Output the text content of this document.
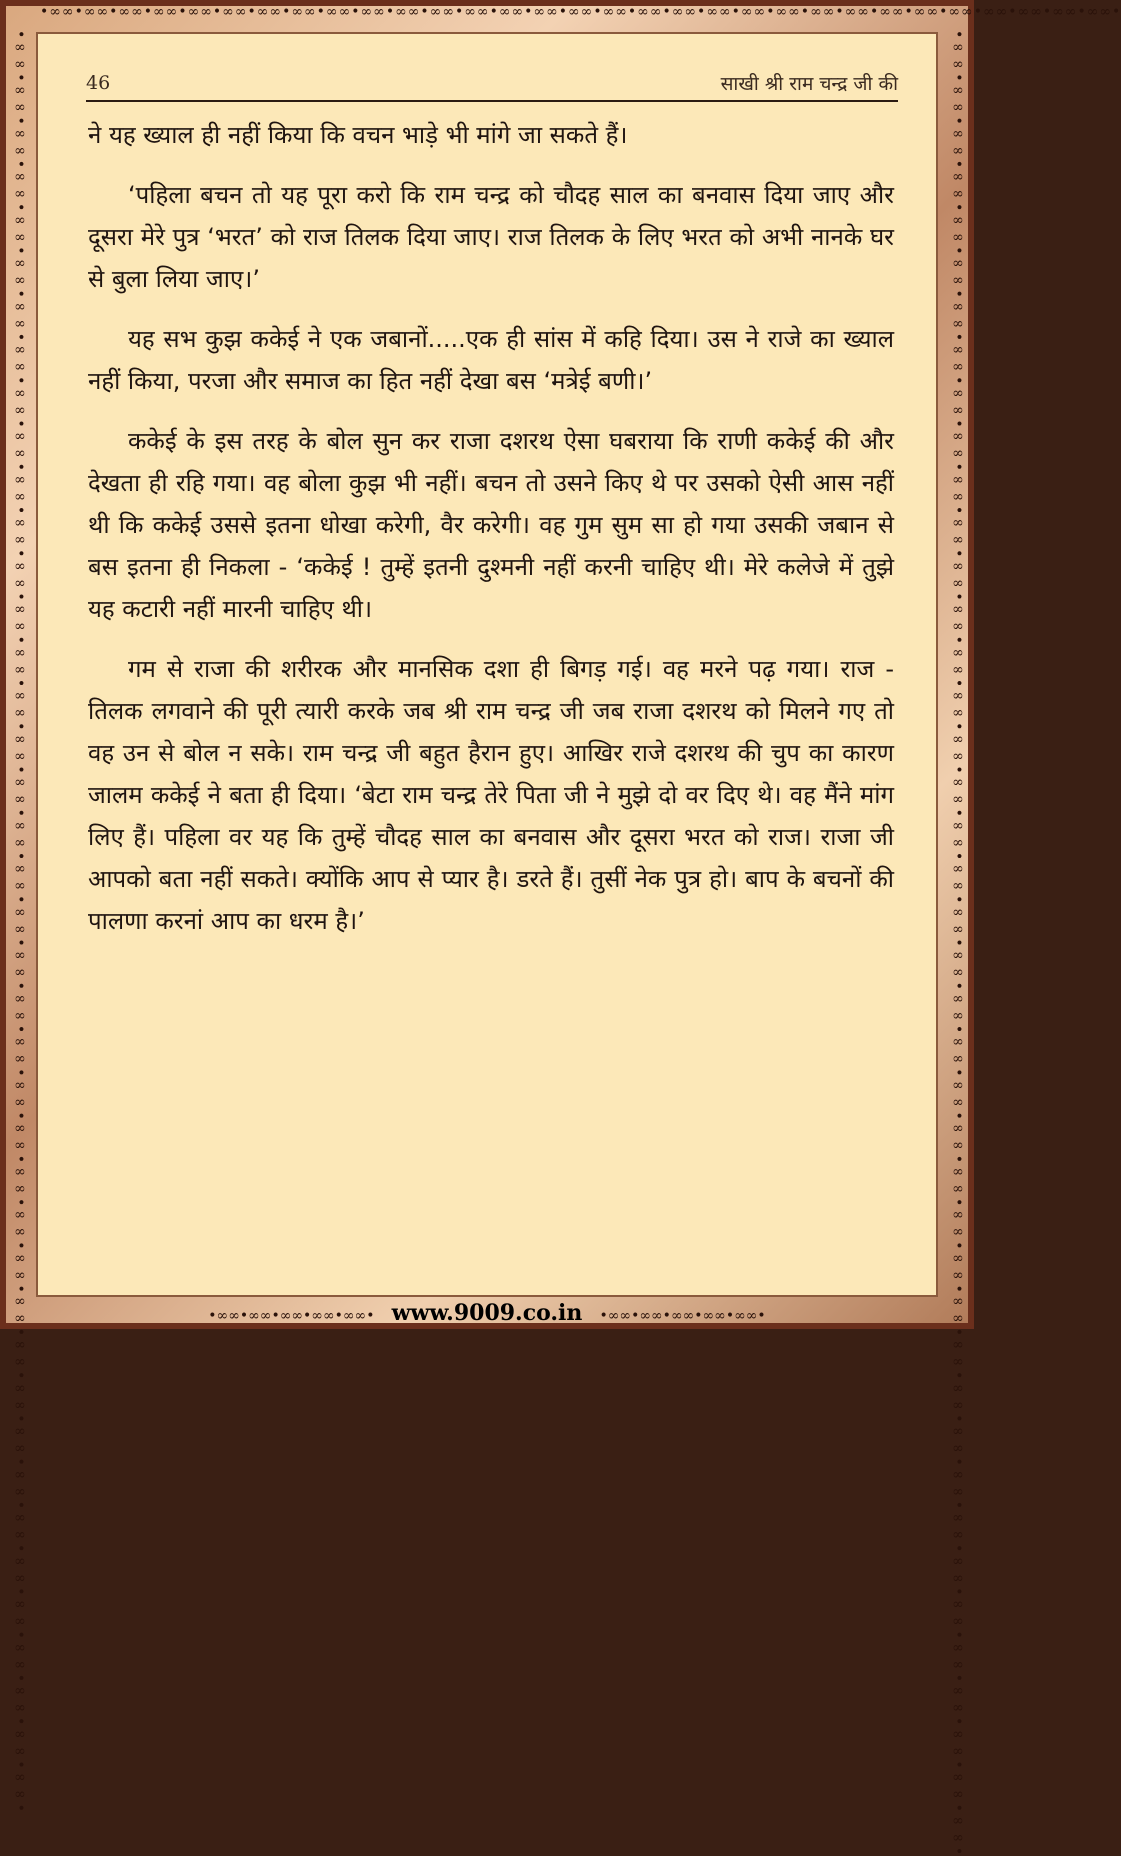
•∞∞•∞∞•∞∞•∞∞•∞∞•∞∞•∞∞•∞∞•∞∞•∞∞•∞∞•∞∞•∞∞•∞∞•∞∞•∞∞•∞∞•∞∞•∞∞•∞∞•∞∞•∞∞•∞∞•∞∞•∞∞•∞∞•∞∞•∞∞•∞∞•∞∞•∞∞•
•∞∞•∞∞•∞∞•∞∞•∞∞•∞∞•∞∞•∞∞•∞∞•∞∞•∞∞•∞∞•∞∞•∞∞•∞∞•∞∞•∞∞•∞∞•∞∞•∞∞•∞∞•∞∞•∞∞•∞∞•∞∞•∞∞•∞∞•∞∞•∞∞•∞∞•∞∞•∞∞•∞∞•∞∞•∞∞•∞∞•∞∞•∞∞•∞∞•∞∞•∞∞•	•∞∞•∞∞•∞∞•∞∞•∞∞•∞∞•∞∞•∞∞•∞∞•∞∞•∞∞•∞∞•∞∞•∞∞•∞∞•∞∞•∞∞•∞∞•∞∞•∞∞•∞∞•∞∞•∞∞•∞∞•∞∞•∞∞•∞∞•∞∞•∞∞•∞∞•∞∞•∞∞•∞∞•∞∞•∞∞•∞∞•∞∞•∞∞•∞∞•∞∞•∞∞•∞∞•
46	साखी श्री राम चन्द्र जी की

ने यह ख्याल ही नहीं किया कि वचन भाड़े भी मांगे जा सकते हैं।

‘पहिला बचन तो यह पूरा करो कि राम चन्द्र को चौदह साल का बनवास दिया जाए और दूसरा मेरे पुत्र ‘भरत’ को राज तिलक दिया जाए। राज तिलक के लिए भरत को अभी नानके घर से बुला लिया जाए।’

यह सभ कुझ ककेई ने एक जबानों.....एक ही सांस में कहि दिया। उस ने राजे का ख्याल नहीं किया, परजा और समाज का हित नहीं देखा बस ‘मत्रेई बणी।’

ककेई के इस तरह के बोल सुन कर राजा दशरथ ऐसा घबराया कि राणी ककेई की और देखता ही रहि गया। वह बोला कुझ भी नहीं। बचन तो उसने किए थे पर उसको ऐसी आस नहीं थी कि ककेई उससे इतना धोखा करेगी, वैर करेगी। वह गुम सुम सा हो गया उसकी जबान से बस इतना ही निकला - ‘ककेई ! तुम्हें इतनी दुश्मनी नहीं करनी चाहिए थी। मेरे कलेजे में तुझे यह कटारी नहीं मारनी चाहिए थी।

गम से राजा की शरीरक और मानसिक दशा ही बिगड़ गई। वह मरने पढ़ गया। राज - तिलक लगवाने की पूरी त्यारी करके जब श्री राम चन्द्र जी जब राजा दशरथ को मिलने गए तो वह उन से बोल न सके। राम चन्द्र जी बहुत हैरान हुए। आखिर राजे दशरथ की चुप का कारण जालम ककेई ने बता ही दिया। ‘बेटा राम चन्द्र तेरे पिता जी ने मुझे दो वर दिए थे। वह मैंने मांग लिए हैं। पहिला वर यह कि तुम्हें चौदह साल का बनवास और दूसरा भरत को राज। राजा जी आपको बता नहीं सकते। क्योंकि आप से प्यार है। डरते हैं। तुसीं नेक पुत्र हो। बाप के बचनों की पालणा करनां आप का धरम है।’

•∞∞•∞∞•∞∞•∞∞•∞∞• www.9009.co.in •∞∞•∞∞•∞∞•∞∞•∞∞•
